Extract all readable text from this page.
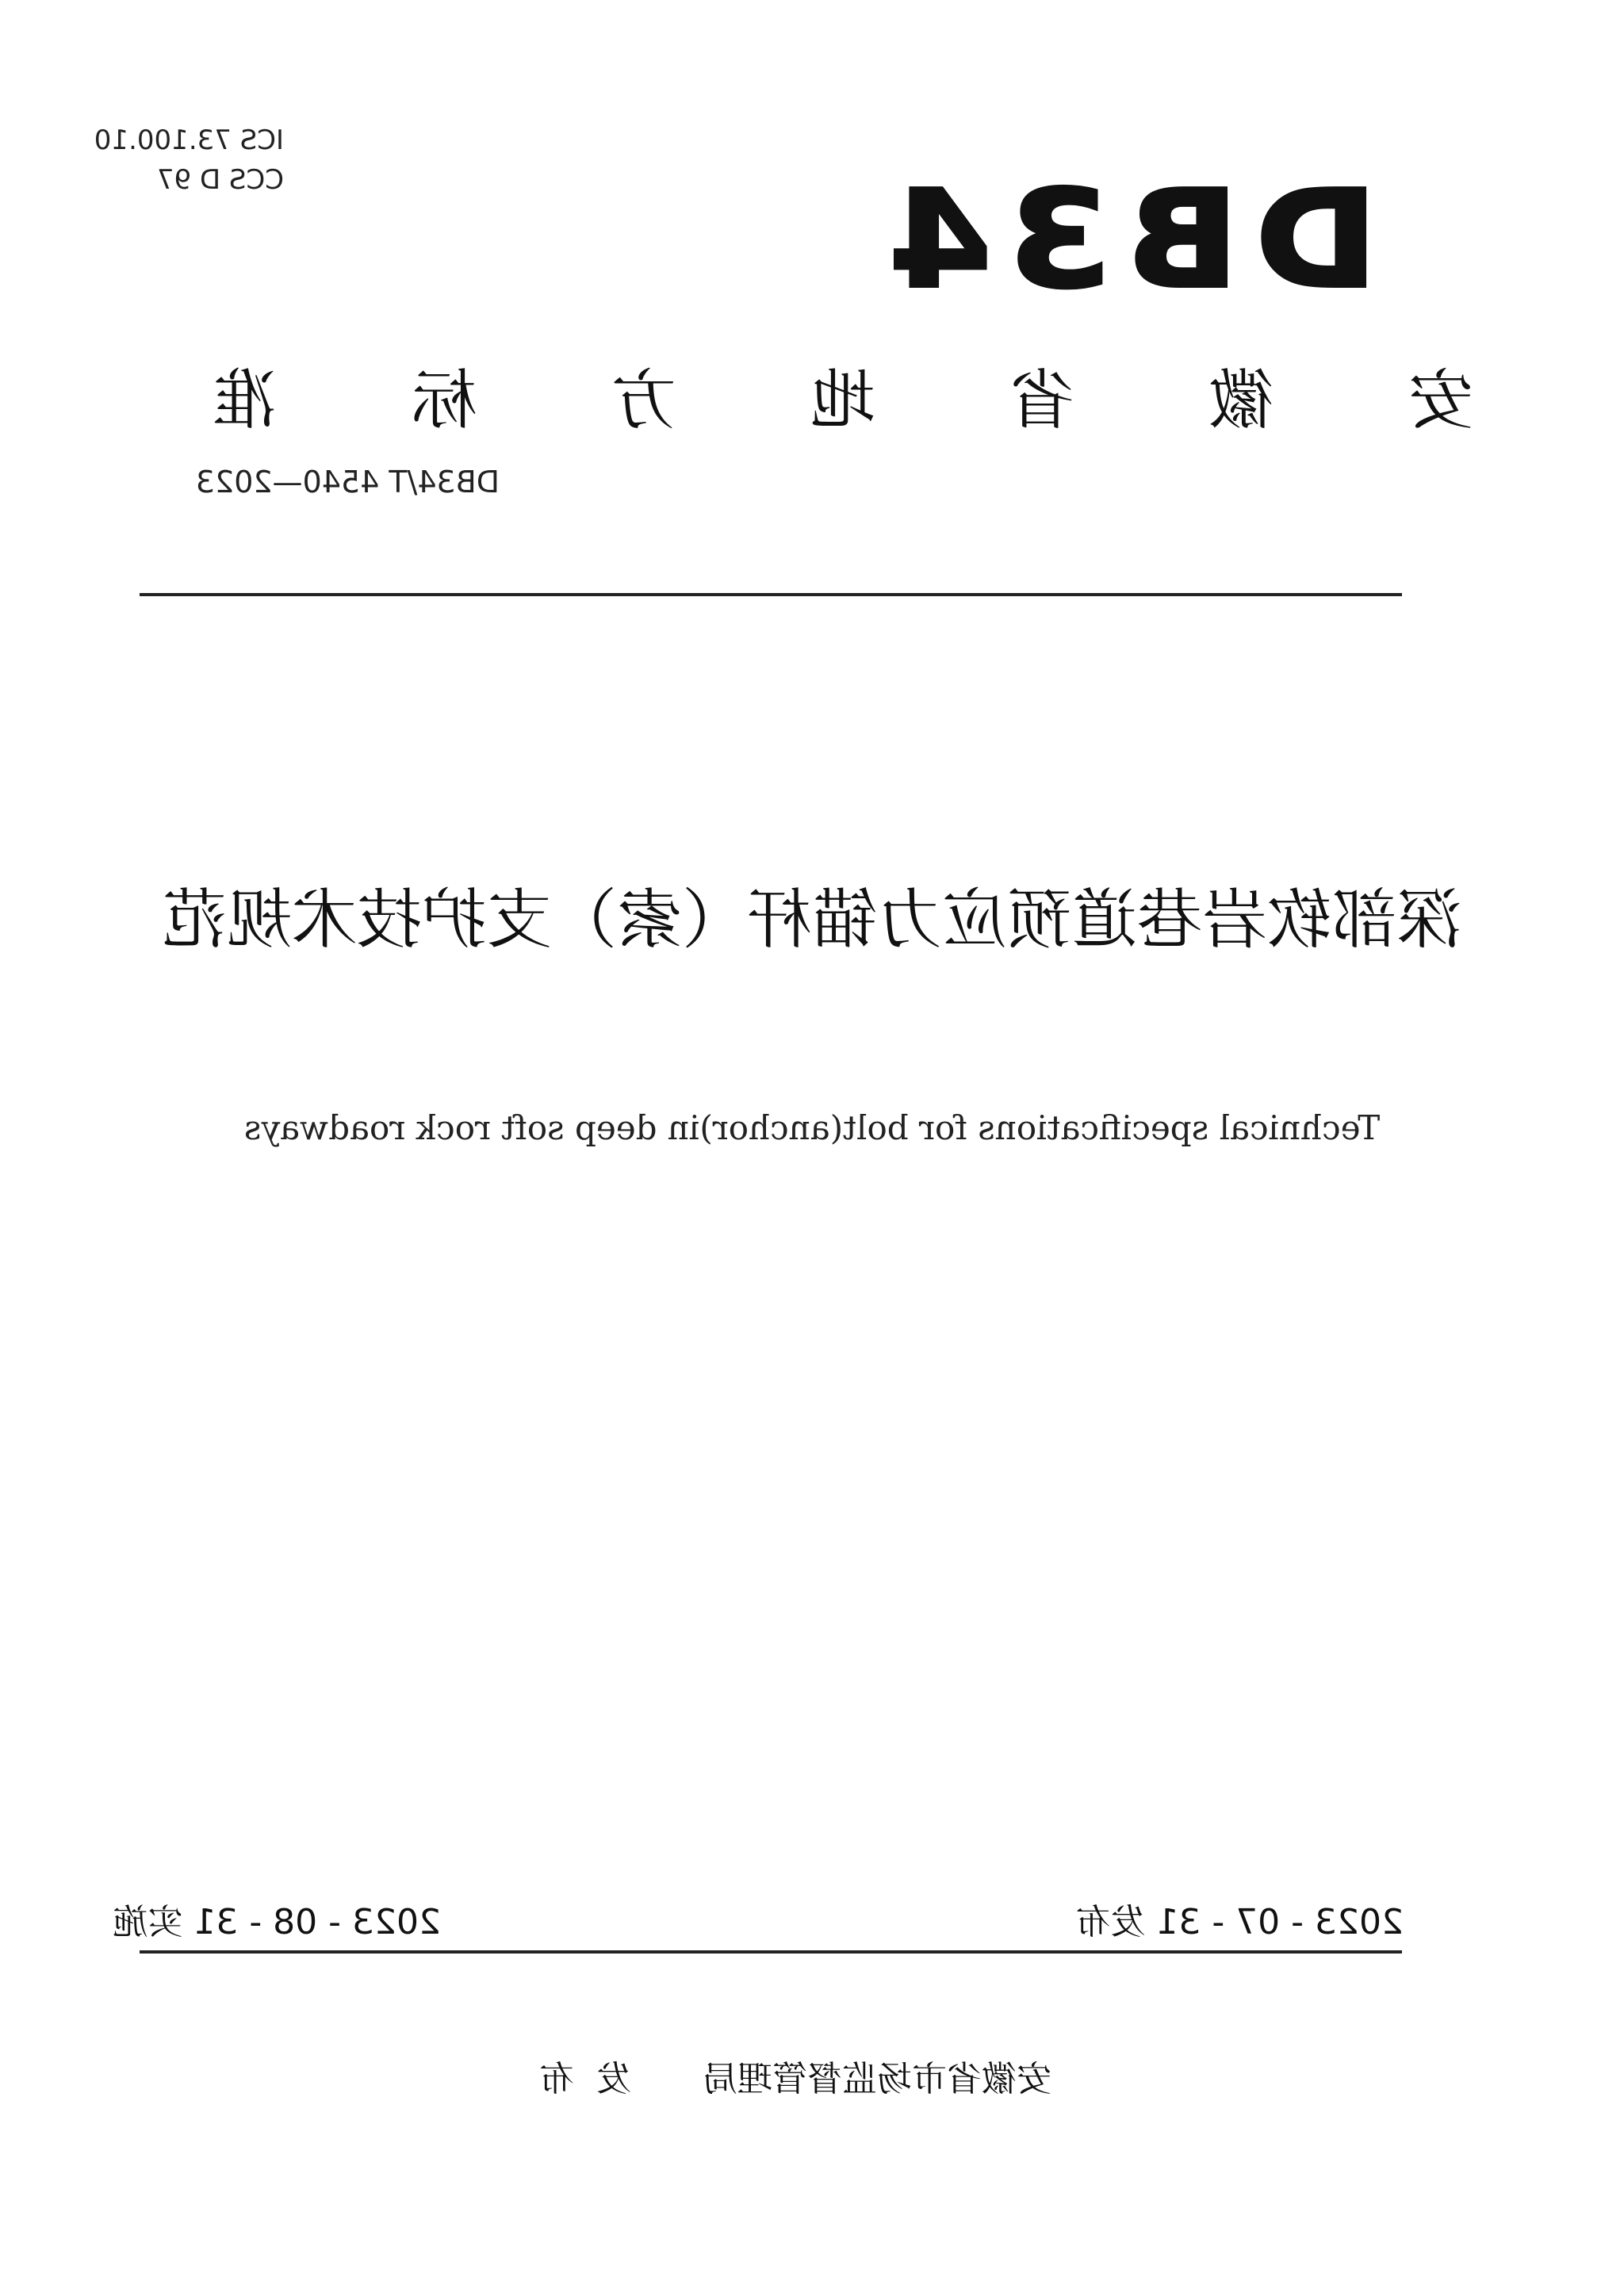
ICS 73.100.10
CCS D 97	DB34
安
徽
省
地
方
标
准
DB34/T 4540—2023
深部软岩巷道预应力锚杆（索）支护技术规范
Technical specifications for bolt(anchor)in deep soft rock roadways
2023 - 07 - 31 发布
2023 - 08 - 31 实施
安徽省市场监督管理局发布
